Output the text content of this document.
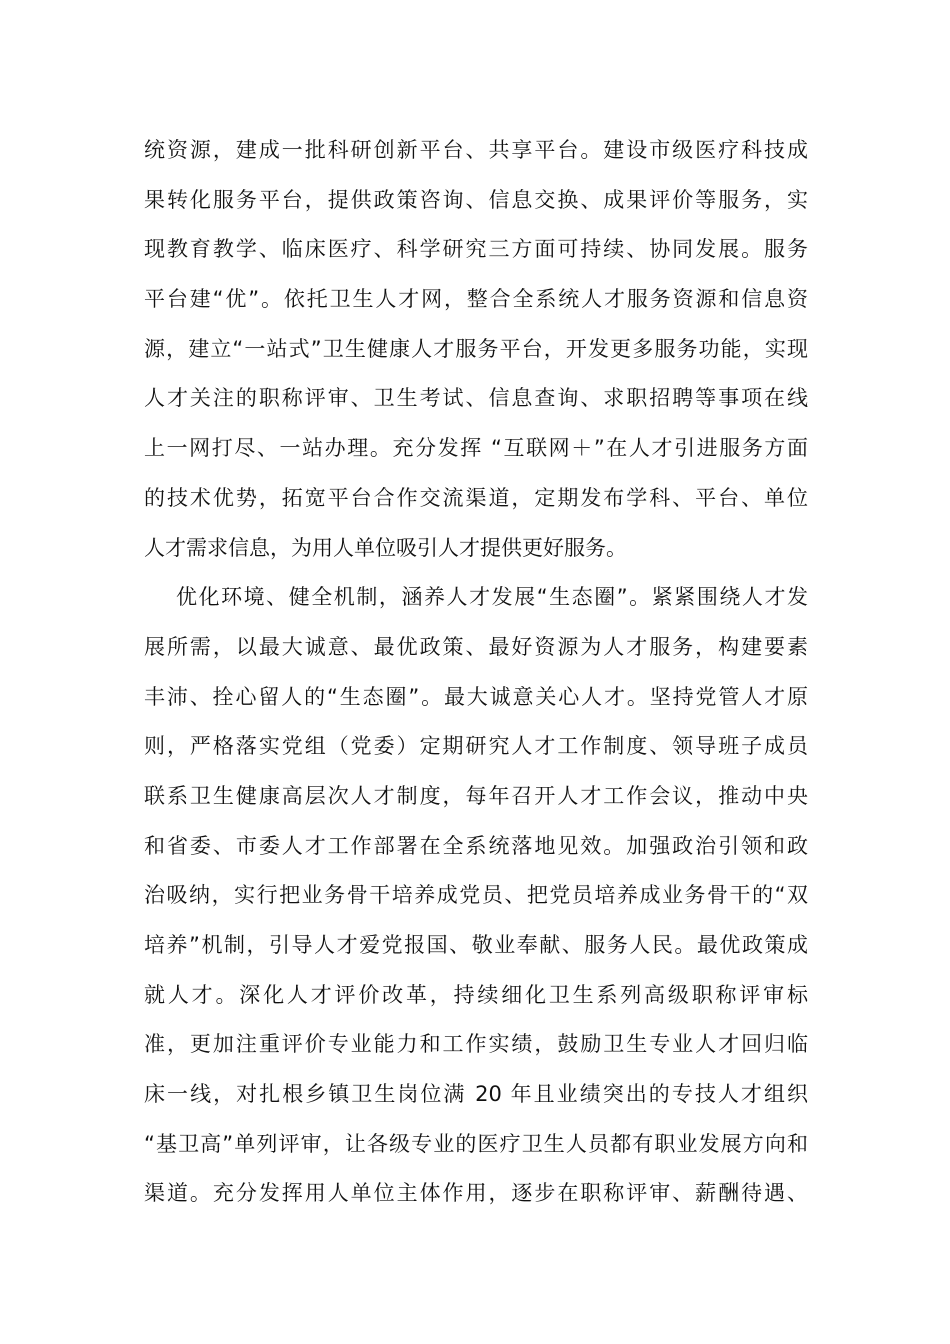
统资源，建成一批科研创新平台、共享平台。建设市级医疗科技成
果转化服务平台，提供政策咨询、信息交换、成果评价等服务，实
现教育教学、临床医疗、科学研究三方面可持续、协同发展。服务
平台建“优”。依托卫生人才网，整合全系统人才服务资源和信息资
源，建立“一站式”卫生健康人才服务平台，开发更多服务功能，实现
人才关注的职称评审、卫生考试、信息查询、求职招聘等事项在线
上一网打尽、一站办理。充分发挥 “互联网＋”在人才引进服务方面
的技术优势，拓宽平台合作交流渠道，定期发布学科、平台、单位
人才需求信息，为用人单位吸引人才提供更好服务。
优化环境、健全机制，涵养人才发展“生态圈”。紧紧围绕人才发
展所需，以最大诚意、最优政策、最好资源为人才服务，构建要素
丰沛、拴心留人的“生态圈”。最大诚意关心人才。坚持党管人才原
则，严格落实党组（党委）定期研究人才工作制度、领导班子成员
联系卫生健康高层次人才制度，每年召开人才工作会议，推动中央
和省委、市委人才工作部署在全系统落地见效。加强政治引领和政
治吸纳，实行把业务骨干培养成党员、把党员培养成业务骨干的“双
培养”机制，引导人才爱党报国、敬业奉献、服务人民。最优政策成
就人才。深化人才评价改革，持续细化卫生系列高级职称评审标
准，更加注重评价专业能力和工作实绩，鼓励卫生专业人才回归临
床一线，对扎根乡镇卫生岗位满 20 年且业绩突出的专技人才组织
“基卫高”单列评审，让各级专业的医疗卫生人员都有职业发展方向和
渠道。充分发挥用人单位主体作用，逐步在职称评审、薪酬待遇、
